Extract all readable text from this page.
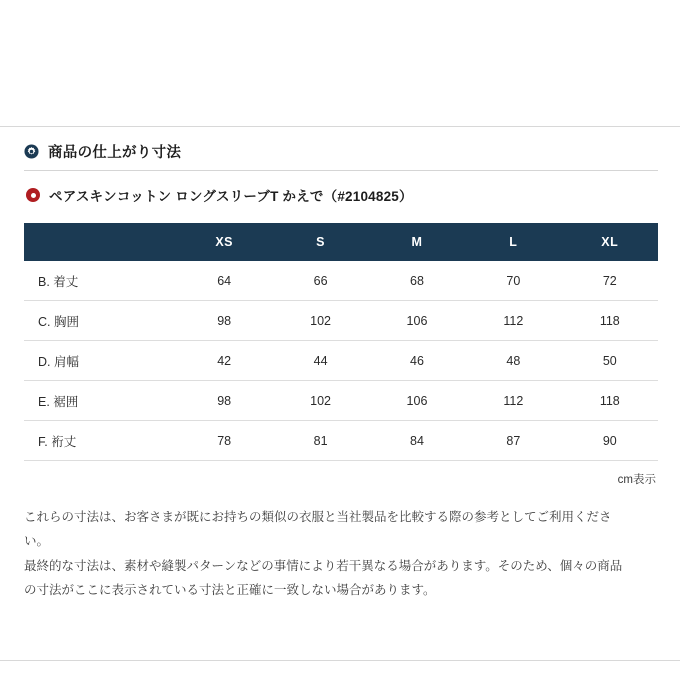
商品の仕上がり寸法
ペアスキンコットン ロングスリーブT かえで（#2104825）
	XS	S	M	L	XL
B. 着丈	64	66	68	70	72
C. 胸囲	98	102	106	112	118
D. 肩幅	42	44	46	48	50
E. 裾囲	98	102	106	112	118
F. 裄丈	78	81	84	87	90
cm表示

これらの寸法は、お客さまが既にお持ちの類似の衣服と当社製品を比較する際の参考としてご利用ください。

最終的な寸法は、素材や縫製パターンなどの事情により若干異なる場合があります。そのため、個々の商品の寸法がここに表示されている寸法と正確に一致しない場合があります。
